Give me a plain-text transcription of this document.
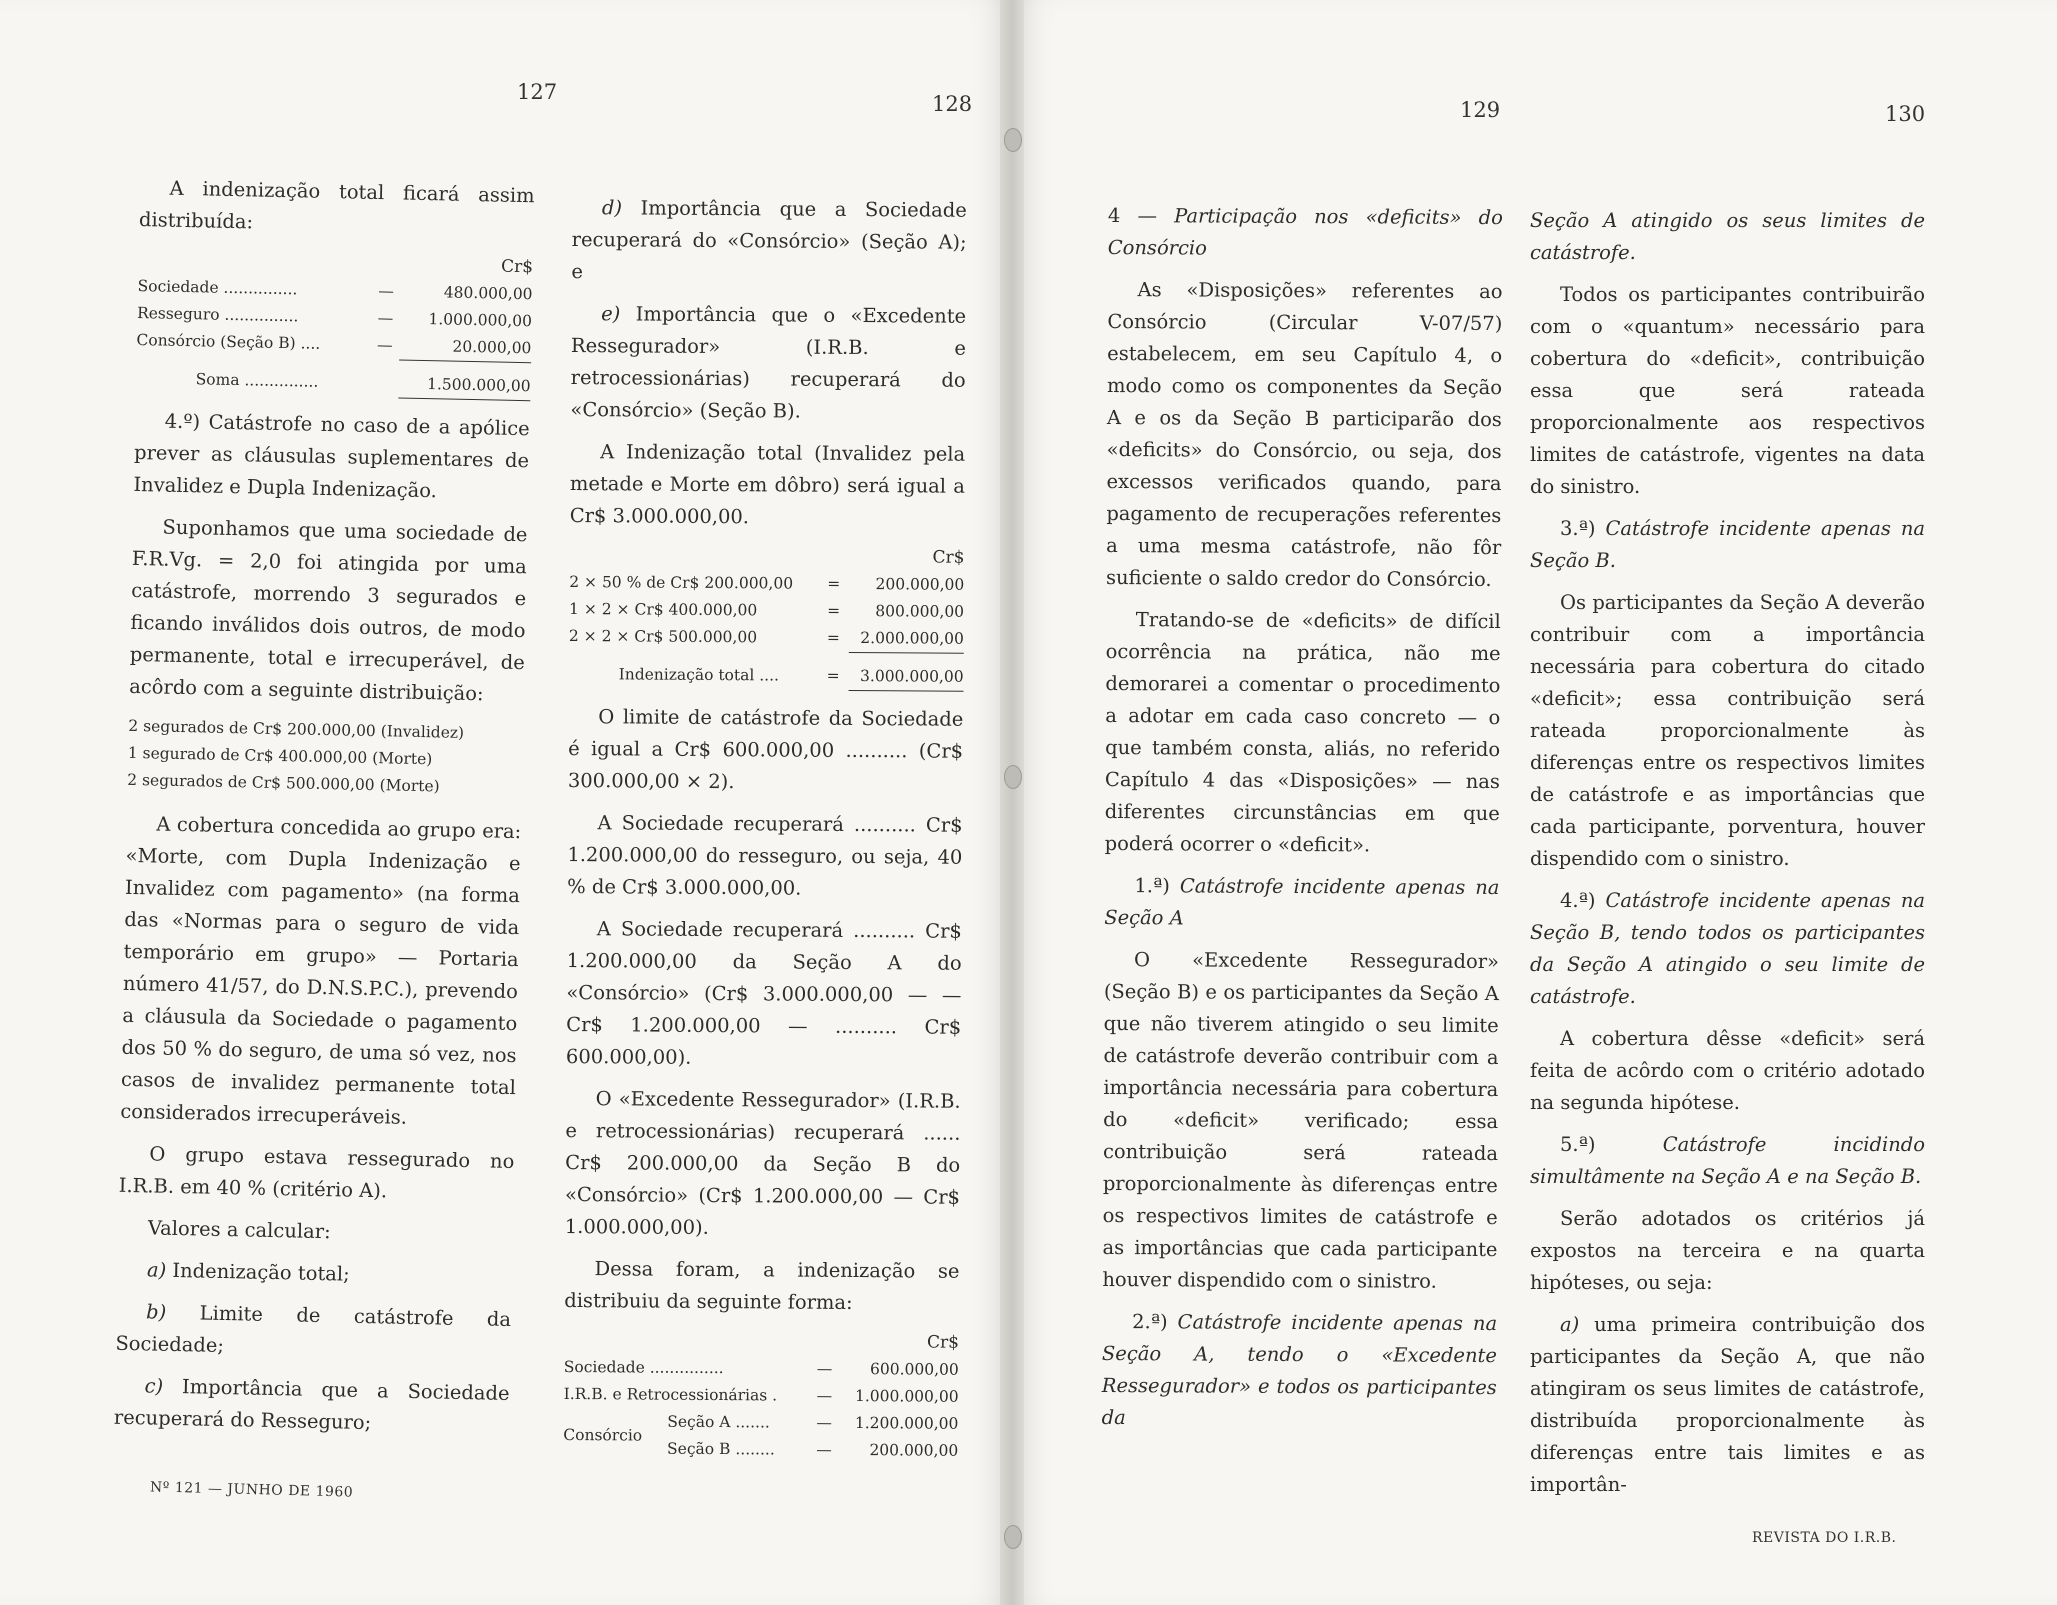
127	128	129	130

A indenização total ficará assim distribuída:

		Cr$
Sociedade ...............	—	480.000,00
Resseguro ...............	—	1.000.000,00
Consórcio (Seção B) ....	—	20.000,00
Soma ...............		1.500.000,00

4.º) Catástrofe no caso de a apólice prever as cláusulas suplementares de Invalidez e Dupla Indenização.

Suponhamos que uma sociedade de F.R.Vg. = 2,0 foi atingida por uma catástrofe, morrendo 3 segurados e ficando inválidos dois outros, de modo permanente, total e irrecuperável, de acôrdo com a seguinte distribuição:

2 segurados de Cr$ 200.000,00 (Invalidez)
1 segurado de Cr$ 400.000,00 (Morte)
2 segurados de Cr$ 500.000,00 (Morte)

A cobertura concedida ao grupo era: «Morte, com Dupla Indenização e Invalidez com pagamento» (na forma das «Normas para o seguro de vida temporário em grupo» — Portaria número 41/57, do D.N.S.P.C.), prevendo a cláusula da Sociedade o pagamento dos 50 % do seguro, de uma só vez, nos casos de invalidez permanente total considerados irrecuperáveis.

O grupo estava ressegurado no I.R.B. em 40 % (critério A).

Valores a calcular:

a) Indenização total;

b) Limite de catástrofe da Sociedade;

c) Importância que a Sociedade recuperará do Resseguro;

d) Importância que a Sociedade recuperará do «Consórcio» (Seção A); e

e) Importância que o «Excedente Ressegurador» (I.R.B. e retrocessionárias) recuperará do «Consórcio» (Seção B).

A Indenização total (Invalidez pela metade e Morte em dôbro) será igual a Cr$ 3.000.000,00.

		Cr$
2 × 50 % de Cr$ 200.000,00	=	200.000,00
1 × 2 × Cr$ 400.000,00	=	800.000,00
2 × 2 × Cr$ 500.000,00	=	2.000.000,00
Indenização total ....	=	3.000.000,00

O limite de catástrofe da Sociedade é igual a Cr$ 600.000,00 .......... (Cr$ 300.000,00 × 2).

A Sociedade recuperará .......... Cr$ 1.200.000,00 do resseguro, ou seja, 40 % de Cr$ 3.000.000,00.

A Sociedade recuperará .......... Cr$ 1.200.000,00 da Seção A do «Consórcio» (Cr$ 3.000.000,00 — — Cr$ 1.200.000,00 — .......... Cr$ 600.000,00).

O «Excedente Ressegurador» (I.R.B. e retrocessionárias) recuperará ...... Cr$ 200.000,00 da Seção B do «Consórcio» (Cr$ 1.200.000,00 — Cr$ 1.000.000,00).

Dessa foram, a indenização se distribuiu da seguinte forma:

			Cr$
Sociedade ...............		—	600.000,00
I.R.B. e Retrocessionárias .		—	1.000.000,00
Consórcio	Seção A .......	—	1.200.000,00
	Seção B ........	—	200.000,00

4 — Participação nos «deficits» do Consórcio

As «Disposições» referentes ao Consórcio (Circular V-07/57) estabelecem, em seu Capítulo 4, o modo como os componentes da Seção A e os da Seção B participarão dos «deficits» do Consórcio, ou seja, dos excessos verificados quando, para pagamento de recuperações referentes a uma mesma catástrofe, não fôr suficiente o saldo credor do Consórcio.

Tratando-se de «deficits» de difícil ocorrência na prática, não me demorarei a comentar o procedimento a adotar em cada caso concreto — o que também consta, aliás, no referido Capítulo 4 das «Disposições» — nas diferentes circunstâncias em que poderá ocorrer o «deficit».

1.ª) Catástrofe incidente apenas na Seção A

O «Excedente Ressegurador» (Seção B) e os participantes da Seção A que não tiverem atingido o seu limite de catástrofe deverão contribuir com a importância necessária para cobertura do «deficit» verificado; essa contribuição será rateada proporcionalmente às diferenças entre os respectivos limites de catástrofe e as importâncias que cada participante houver dispendido com o sinistro.

2.ª) Catástrofe incidente apenas na Seção A, tendo o «Excedente Ressegurador» e todos os participantes da

Seção A atingido os seus limites de catástrofe.

Todos os participantes contribuirão com o «quantum» necessário para cobertura do «deficit», contribuição essa que será rateada proporcionalmente aos respectivos limites de catástrofe, vigentes na data do sinistro.

3.ª) Catástrofe incidente apenas na Seção B.

Os participantes da Seção A deverão contribuir com a importância necessária para cobertura do citado «deficit»; essa contribuição será rateada proporcionalmente às diferenças entre os respectivos limites de catástrofe e as importâncias que cada participante, porventura, houver dispendido com o sinistro.

4.ª) Catástrofe incidente apenas na Seção B, tendo todos os participantes da Seção A atingido o seu limite de catástrofe.

A cobertura dêsse «deficit» será feita de acôrdo com o critério adotado na segunda hipótese.

5.ª)	Catástrofe incidindo simultâmente na Seção A e na Seção B.

Serão adotados os critérios já expostos na terceira e na quarta hipóteses, ou seja:

a) uma primeira contribuição dos participantes da Seção A, que não atingiram os seus limites de catástrofe, distribuída proporcionalmente às diferenças entre tais limites e as importân-

Nº 121 — JUNHO DE 1960
REVISTA DO I.R.B.
